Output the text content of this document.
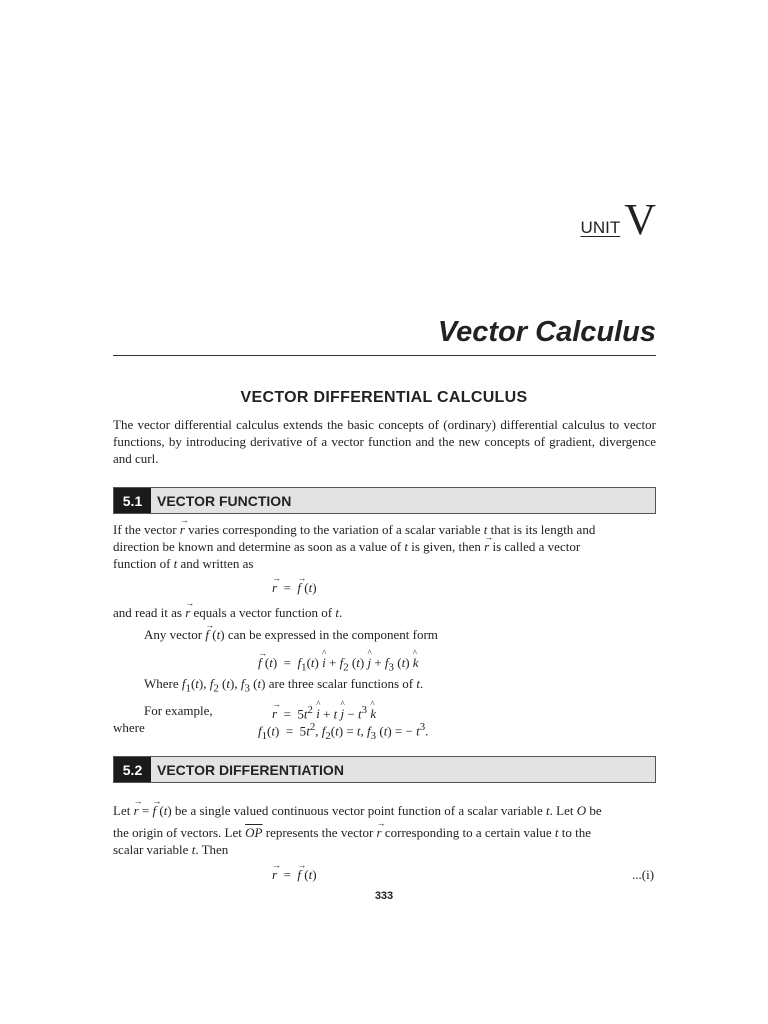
UNIT V
Vector Calculus
VECTOR DIFFERENTIAL CALCULUS

The vector differential calculus extends the basic concepts of (ordinary) differential calculus to vector functions, by introducing derivative of a vector function and the new concepts of gradient, divergence and curl.

5.1	VECTOR FUNCTION
If the vector → r varies corresponding to the variation of a scalar variable t that is its length and
direction be known and determine as soon as a value of t is given, then → r is called a vector
function of t and written as
→ r  =  → f (t)
and read it as → r equals a vector function of t.
Any vector → f (t) can be expressed in the component form
→ f $(t) = f_1(t)$ ^ $i + f_2$ (t) ^ $j + f_3$ (t) ^ k
Where $f_1(t)$, $f_2$ (t), $f_3$ (t) are three scalar functions of t.
For example,	→ $r = 5t^2$ ^ i + t ^ $j - t^3$ ^ k
where	$f_1(t) = 5t^2$, $f_2(t) = t$, $f_3$ (t) = − $t^3$.
5.2	VECTOR DIFFERENTIATION
Let → r = → f (t) be a single valued continuous vector point function of a scalar variable t. Let O be
the origin of vectors. Let $\overline{OP}$ represents the vector → r corresponding to a certain value t to the
scalar variable t. Then
→ r  =  → f (t)	...(i)
333
